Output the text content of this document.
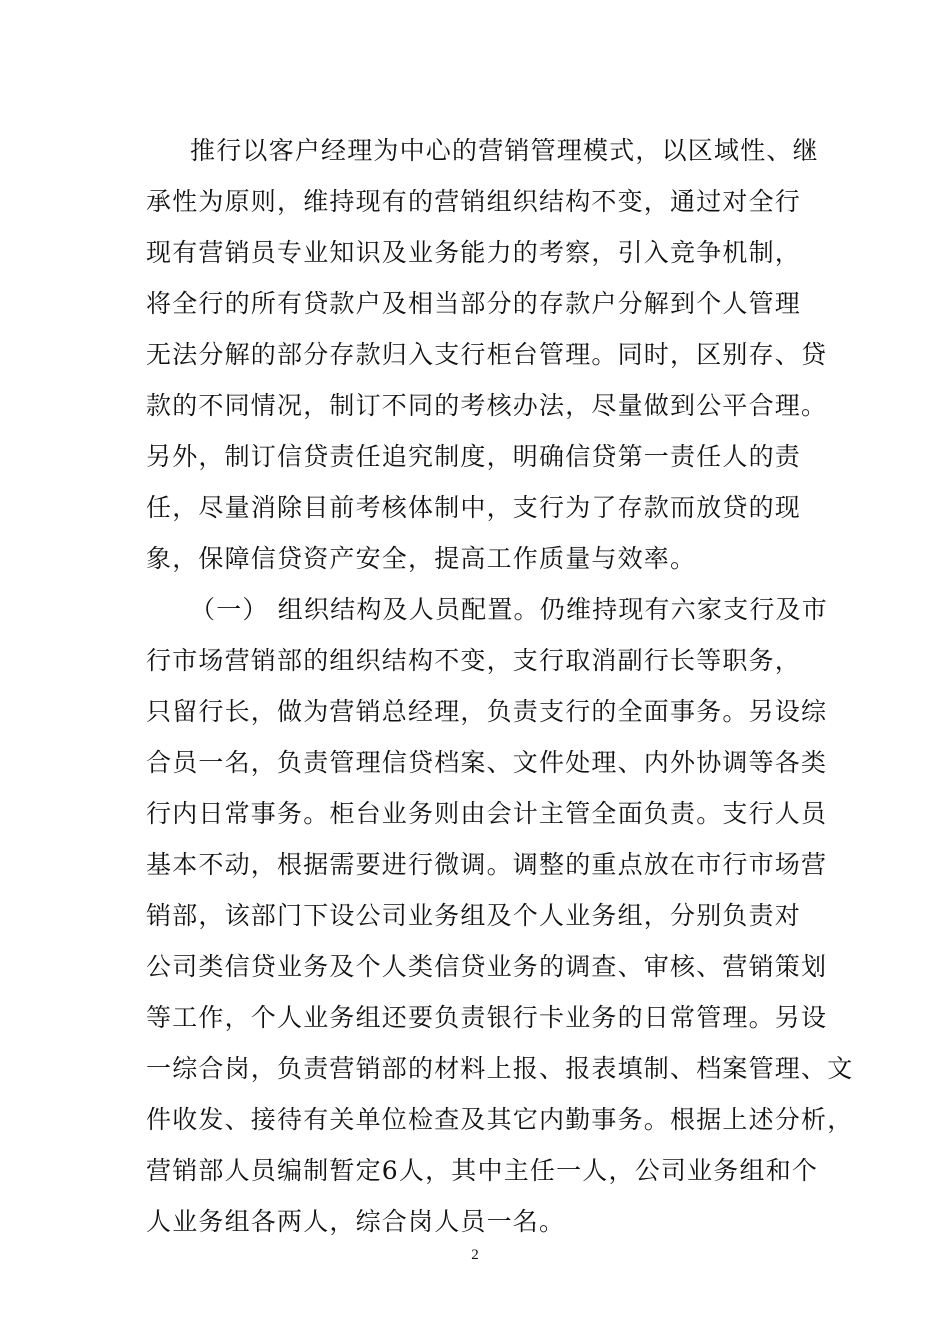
推行以客户经理为中心的营销管理模式，以区域性、继
承性为原则，维持现有的营销组织结构不变，通过对全行
现有营销员专业知识及业务能力的考察，引入竞争机制，
将全行的所有贷款户及相当部分的存款户分解到个人管理
无法分解的部分存款归入支行柜台管理。同时，区别存、贷
款的不同情况，制订不同的考核办法，尽量做到公平合理。
另外，制订信贷责任追究制度，明确信贷第一责任人的责
任，尽量消除目前考核体制中，支行为了存款而放贷的现
象，保障信贷资产安全，提高工作质量与效率。
（一） 组织结构及人员配置。仍维持现有六家支行及市
行市场营销部的组织结构不变，支行取消副行长等职务，
只留行长，做为营销总经理，负责支行的全面事务。另设综
合员一名，负责管理信贷档案、文件处理、内外协调等各类
行内日常事务。柜台业务则由会计主管全面负责。支行人员
基本不动，根据需要进行微调。调整的重点放在市行市场营
销部，该部门下设公司业务组及个人业务组，分别负责对
公司类信贷业务及个人类信贷业务的调查、审核、营销策划
等工作，个人业务组还要负责银行卡业务的日常管理。另设
一综合岗，负责营销部的材料上报、报表填制、档案管理、文
件收发、接待有关单位检查及其它内勤事务。根据上述分析，
营销部人员编制暂定6人，其中主任一人，公司业务组和个
人业务组各两人，综合岗人员一名。
2
